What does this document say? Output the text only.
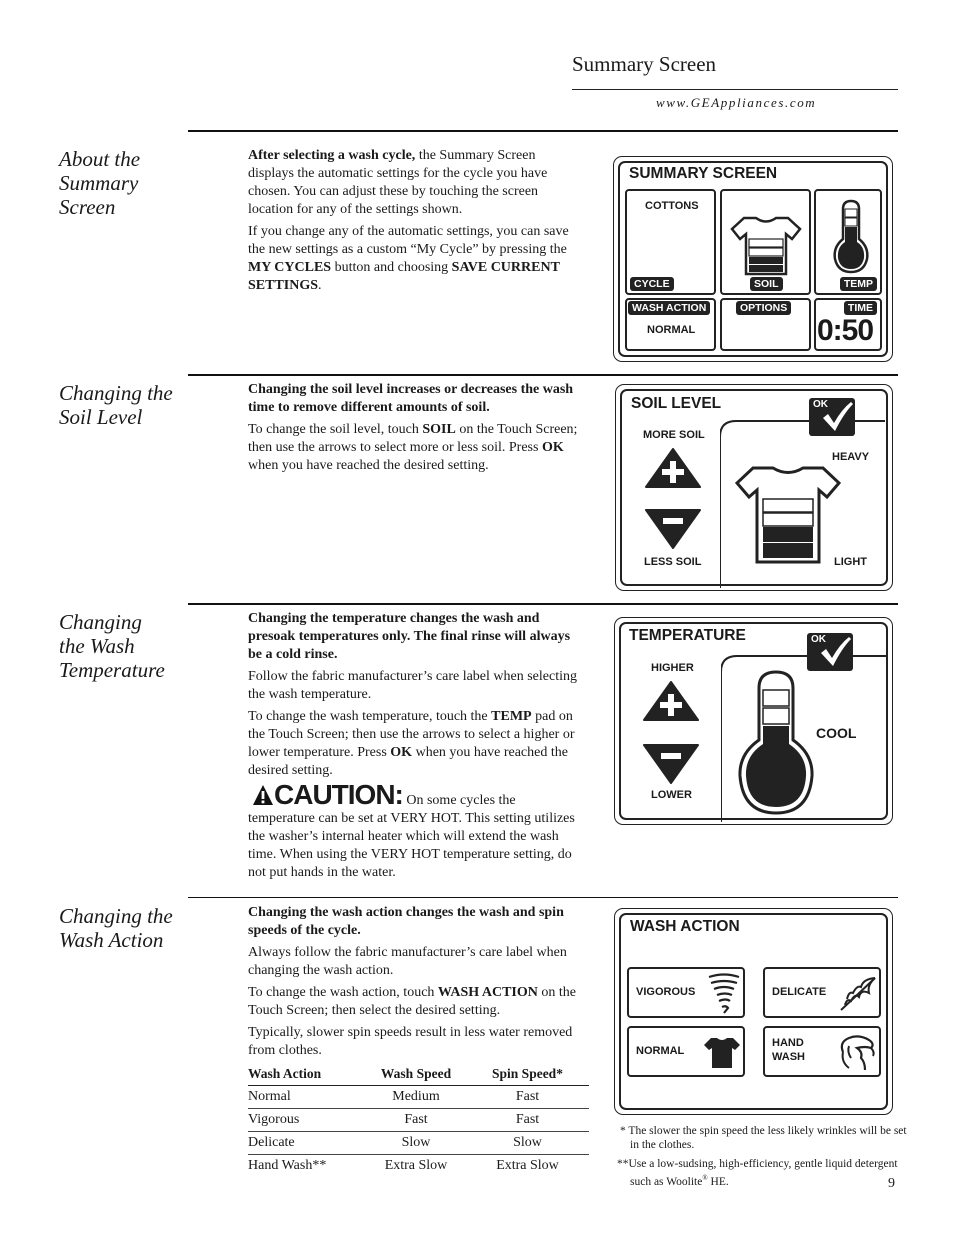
Summary Screen
www.GEAppliances.com
About the
Summary
Screen

After selecting a wash cycle, the Summary Screen displays the automatic settings for the cycle you have chosen. You can adjust these by touching the screen location for any of the settings shown.

If you change any of the automatic settings, you can save the new settings as a custom “My Cycle” by pressing the MY CYCLES button and choosing SAVE CURRENT SETTINGS.

SUMMARY SCREEN
COTTONS
CYCLE	SOIL	TEMP
WASH ACTION
NORMAL
OPTIONS	TIME
0:50
Changing the
Soil Level

Changing the soil level increases or decreases the wash time to remove different amounts of soil.

To change the soil level, touch SOIL on the Touch Screen; then use the arrows to select more or less soil. Press OK when you have reached the desired setting.

SOIL LEVEL	OK
MORE SOIL
LESS SOIL
HEAVY
LIGHT
Changing
the Wash
Temperature

Changing the temperature changes the wash and presoak temperatures only. The final rinse will always be a cold rinse.

Follow the fabric manufacturer’s care label when selecting the wash temperature.

To change the wash temperature, touch the TEMP pad on the Touch Screen; then use the arrows to select a higher or lower temperature. Press OK when you have reached the desired setting.

CAUTION: On some cycles the temperature can be set at VERY HOT. This setting utilizes the washer’s internal heater which will extend the wash time. When using the VERY HOT temperature setting, do not put hands in the water.

TEMPERATURE	OK
HIGHER
LOWER
COOL
Changing the
Wash Action

Changing the wash action changes the wash and spin speeds of the cycle.

Always follow the fabric manufacturer’s care label when changing the wash action.

To change the wash action, touch WASH ACTION on the Touch Screen; then select the desired setting.

Typically, slower spin speeds result in less water removed from clothes.

Wash Action	Wash Speed	Spin Speed*
Normal	Medium	Fast
Vigorous	Fast	Fast
Delicate	Slow	Slow
Hand Wash**	Extra Slow	Extra Slow
WASH ACTION
VIGOROUS	DELICATE
NORMAL
HAND
WASH
* The slower the spin speed the less likely wrinkles will be set in the clothes.
**Use a low-sudsing, high-efficiency, gentle liquid detergent such as Woolite® HE.	9
